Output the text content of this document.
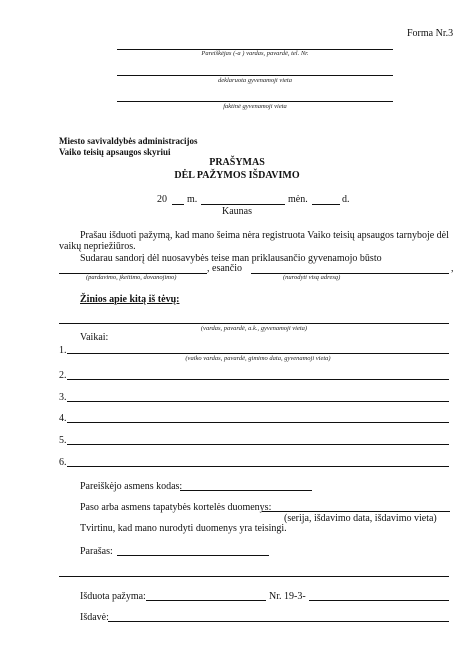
Forma Nr.3
Pareiškėjas (-a ) vardas, pavardė, tel. Nr.
deklaruota gyvenamoji vieta
faktinė gyvenamoji vieta
Miesto savivaldybės administracijos
Vaiko teisių apsaugos skyriui
PRAŠYMAS
DĖL PAŽYMOS IŠDAVIMO
20 m.	mėn.	d.
Kaunas
Prašau išduoti pažymą, kad mano šeima nėra registruota Vaiko teisių apsaugos tarnyboje dėl
vaikų nepriežiūros.
Sudarau sandorį dėl nuosavybės teise man priklausančio gyvenamojo būsto
, esančio	,
(pardavimo, įkeitimo, dovanojimo)	(nurodyti visą adresą)
Žinios apie kitą iš tėvų:
(vardas, pavardė, a.k., gyvenamoji vieta)
Vaikai:
1.
(vaiko vardas, pavardė, gimimo data, gyvenamoji vieta)
2.
3.
4.
5.
6.
Pareiškėjo asmens kodas:
Paso arba asmens tapatybės kortelės duomenys:
(serija, išdavimo data, išdavimo vieta)
Tvirtinu, kad mano nurodyti duomenys yra teisingi.
Parašas:
Išduota pažyma:	Nr. 19-3-
Išdavė:
